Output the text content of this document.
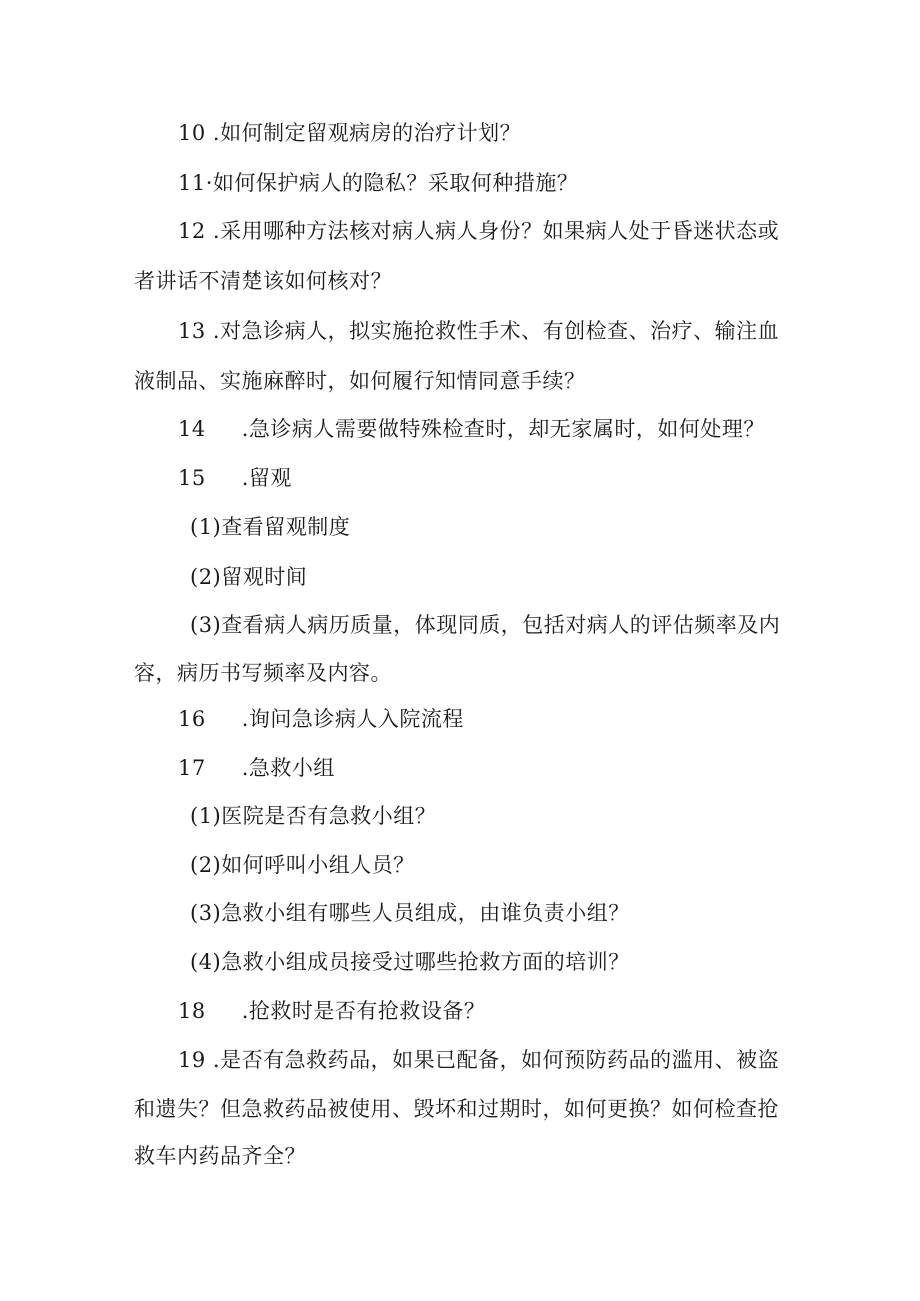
10 .如何制定留观病房的治疗计划？
11·如何保护病人的隐私？采取何种措施？
12 .采用哪种方法核对病人病人身份？如果病人处于昏迷状态或
者讲话不清楚该如何核对？
13 .对急诊病人，拟实施抢救性手术、有创检查、治疗、输注血
液制品、实施麻醉时，如何履行知情同意手续？
14 .急诊病人需要做特殊检查时，却无家属时，如何处理？
15 .留观
(1)查看留观制度
(2)留观时间
(3)查看病人病历质量，体现同质，包括对病人的评估频率及内
容，病历书写频率及内容。
16 .询问急诊病人入院流程
17 .急救小组
(1)医院是否有急救小组？
(2)如何呼叫小组人员？
(3)急救小组有哪些人员组成，由谁负责小组？
(4)急救小组成员接受过哪些抢救方面的培训？
18 .抢救时是否有抢救设备？
19 .是否有急救药品，如果已配备，如何预防药品的滥用、被盗
和遗失？但急救药品被使用、毁坏和过期时，如何更换？如何检查抢
救车内药品齐全？
